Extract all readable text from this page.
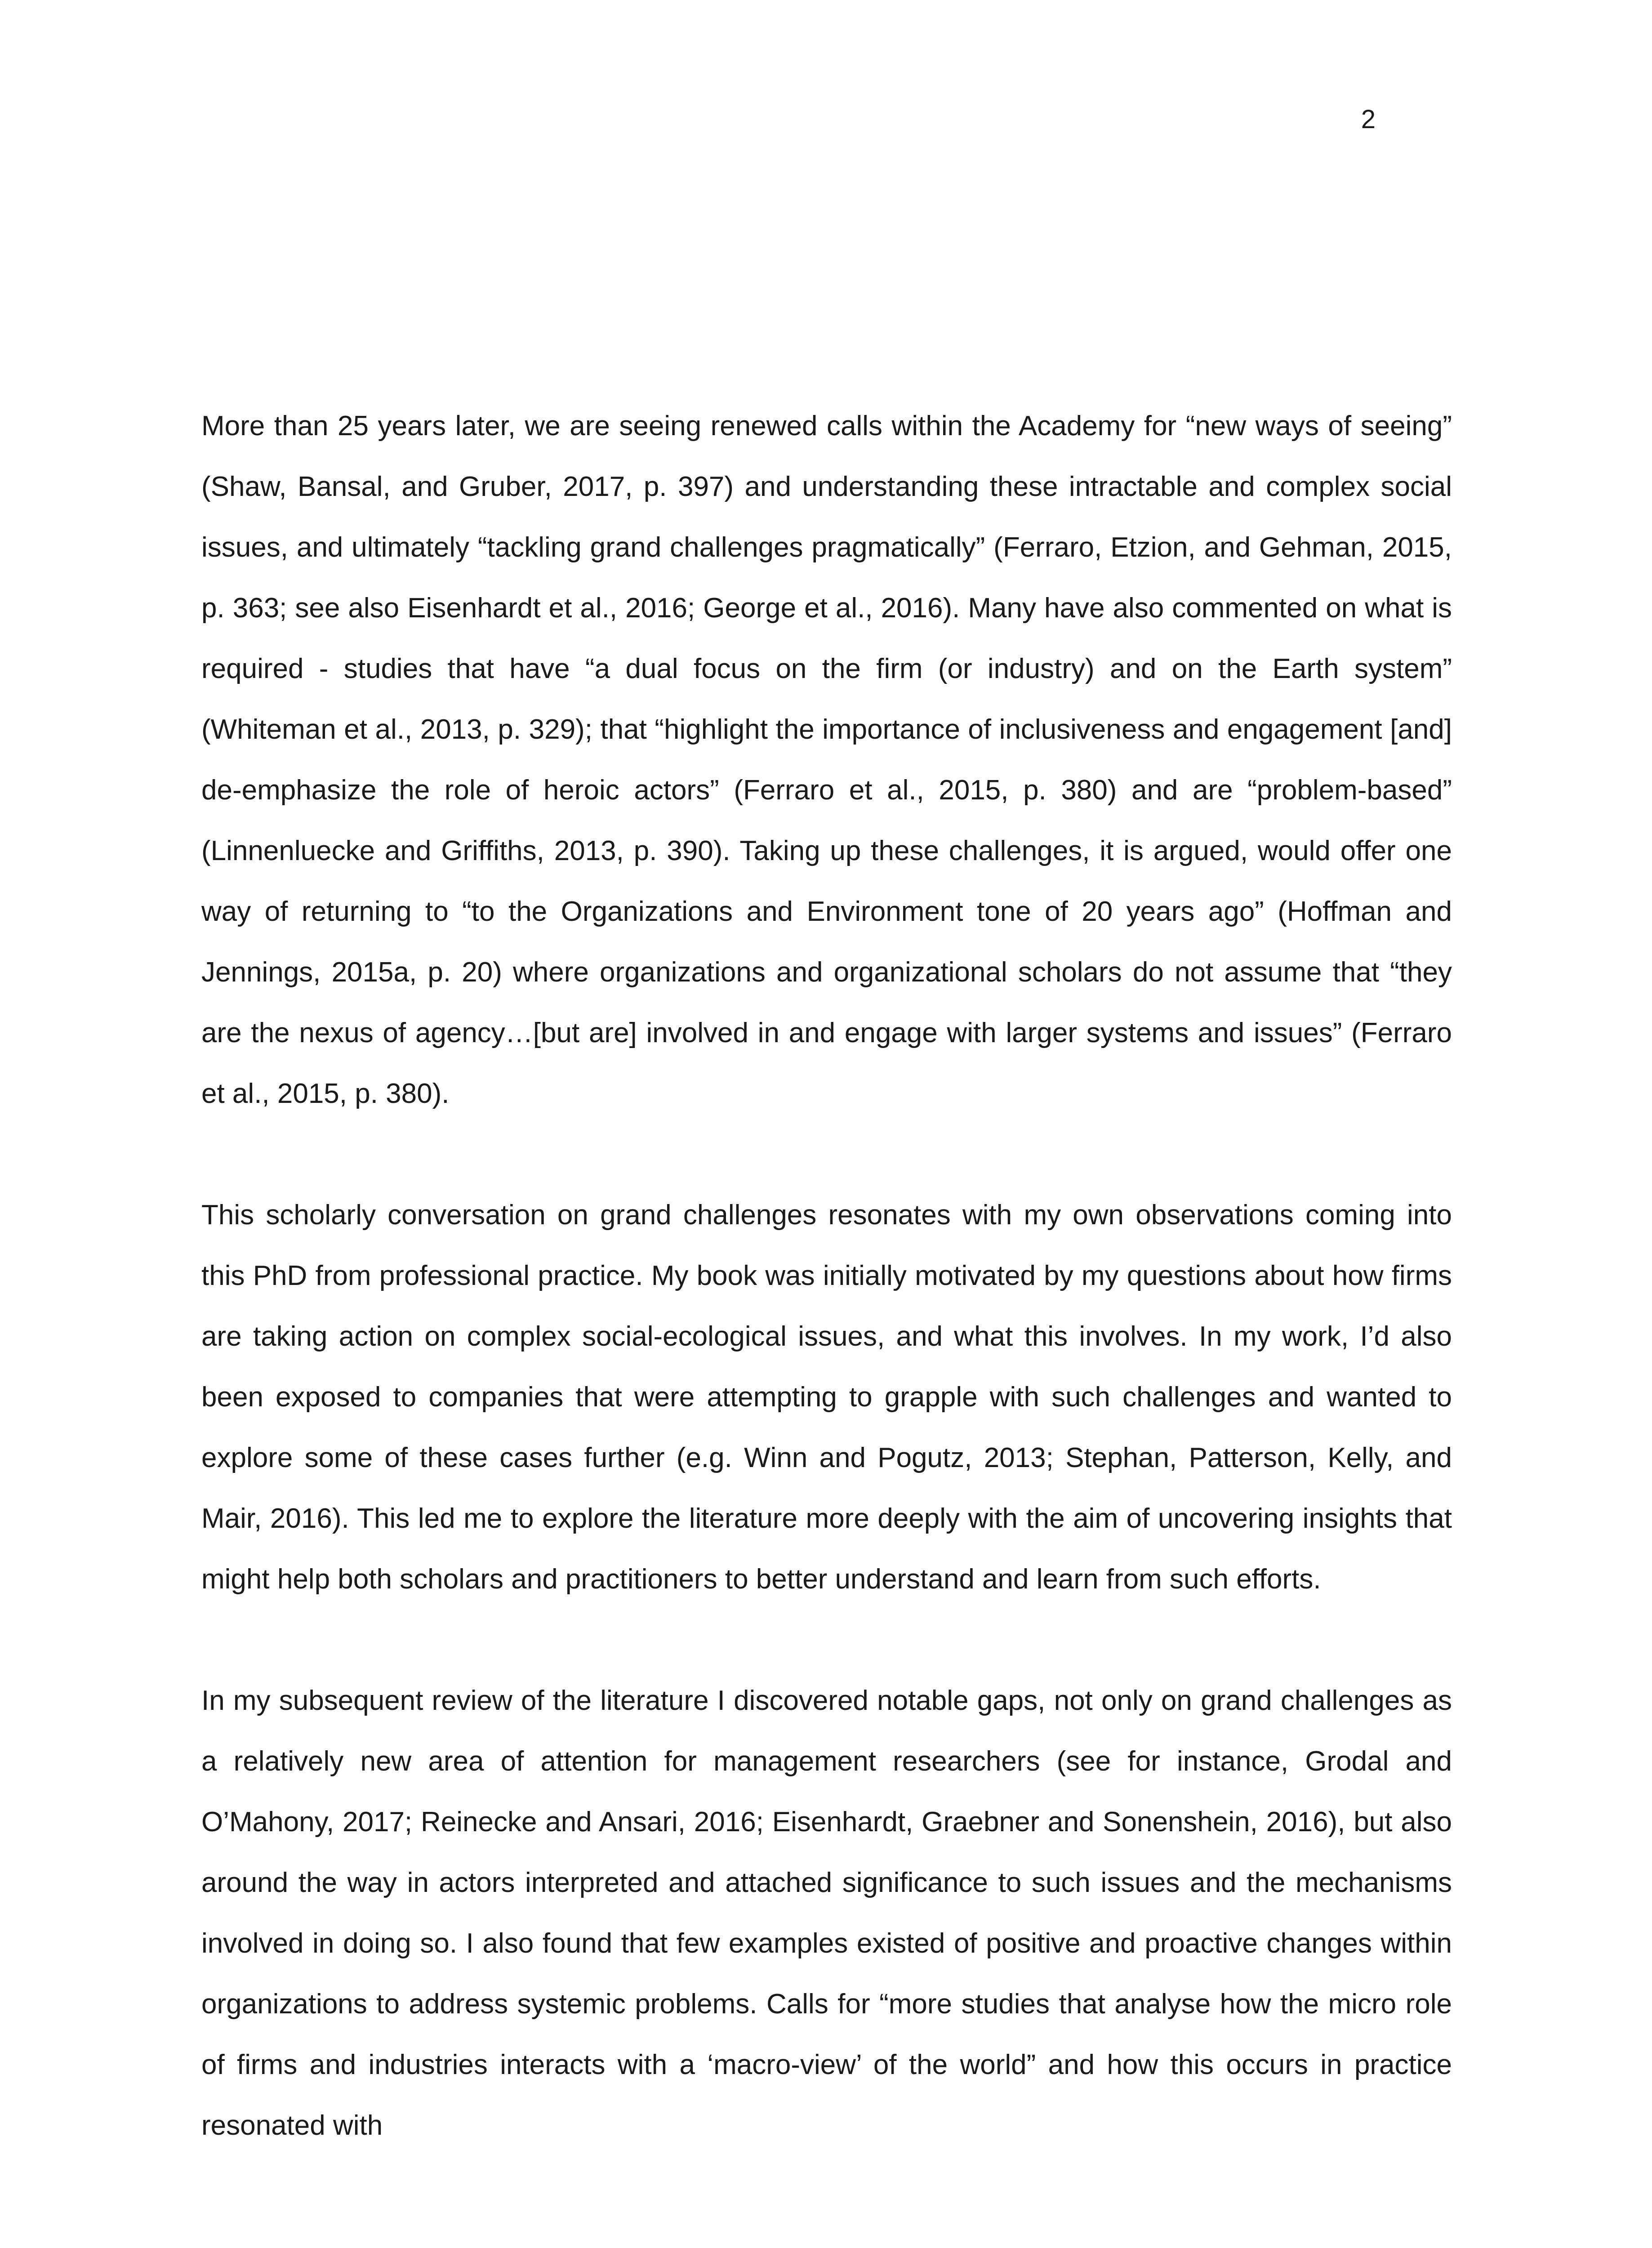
2

More than 25 years later, we are seeing renewed calls within the Academy for “new ways of seeing” (Shaw, Bansal, and Gruber, 2017, p. 397) and understanding these intractable and complex social issues, and ultimately “tackling grand challenges pragmatically” (Ferraro, Etzion, and Gehman, 2015, p. 363; see also Eisenhardt et al., 2016; George et al., 2016). Many have also commented on what is required - studies that have “a dual focus on the firm (or industry) and on the Earth system” (Whiteman et al., 2013, p. 329); that “highlight the importance of inclusiveness and engagement [and] de-emphasize the role of heroic actors” (Ferraro et al., 2015, p. 380) and are “problem-based” (Linnenluecke and Griffiths, 2013, p. 390). Taking up these challenges, it is argued, would offer one way of returning to “to the Organizations and Environment tone of 20 years ago” (Hoffman and Jennings, 2015a, p. 20) where organizations and organizational scholars do not assume that “they are the nexus of agency…[but are] involved in and engage with larger systems and issues” (Ferraro et al., 2015, p. 380).

This scholarly conversation on grand challenges resonates with my own observations coming into this PhD from professional practice. My book was initially motivated by my questions about how firms are taking action on complex social-ecological issues, and what this involves. In my work, I’d also been exposed to companies that were attempting to grapple with such challenges and wanted to explore some of these cases further (e.g. Winn and Pogutz, 2013; Stephan, Patterson, Kelly, and Mair, 2016). This led me to explore the literature more deeply with the aim of uncovering insights that might help both scholars and practitioners to better understand and learn from such efforts.

In my subsequent review of the literature I discovered notable gaps, not only on grand challenges as a relatively new area of attention for management researchers (see for instance, Grodal and O’Mahony, 2017; Reinecke and Ansari, 2016; Eisenhardt, Graebner and Sonenshein, 2016), but also around the way in actors interpreted and attached significance to such issues and the mechanisms involved in doing so. I also found that few examples existed of positive and proactive changes within organizations to address systemic problems. Calls for “more studies that analyse how the micro role of firms and industries interacts with a ‘macro-view’ of the world” and how this occurs in practice resonated with
